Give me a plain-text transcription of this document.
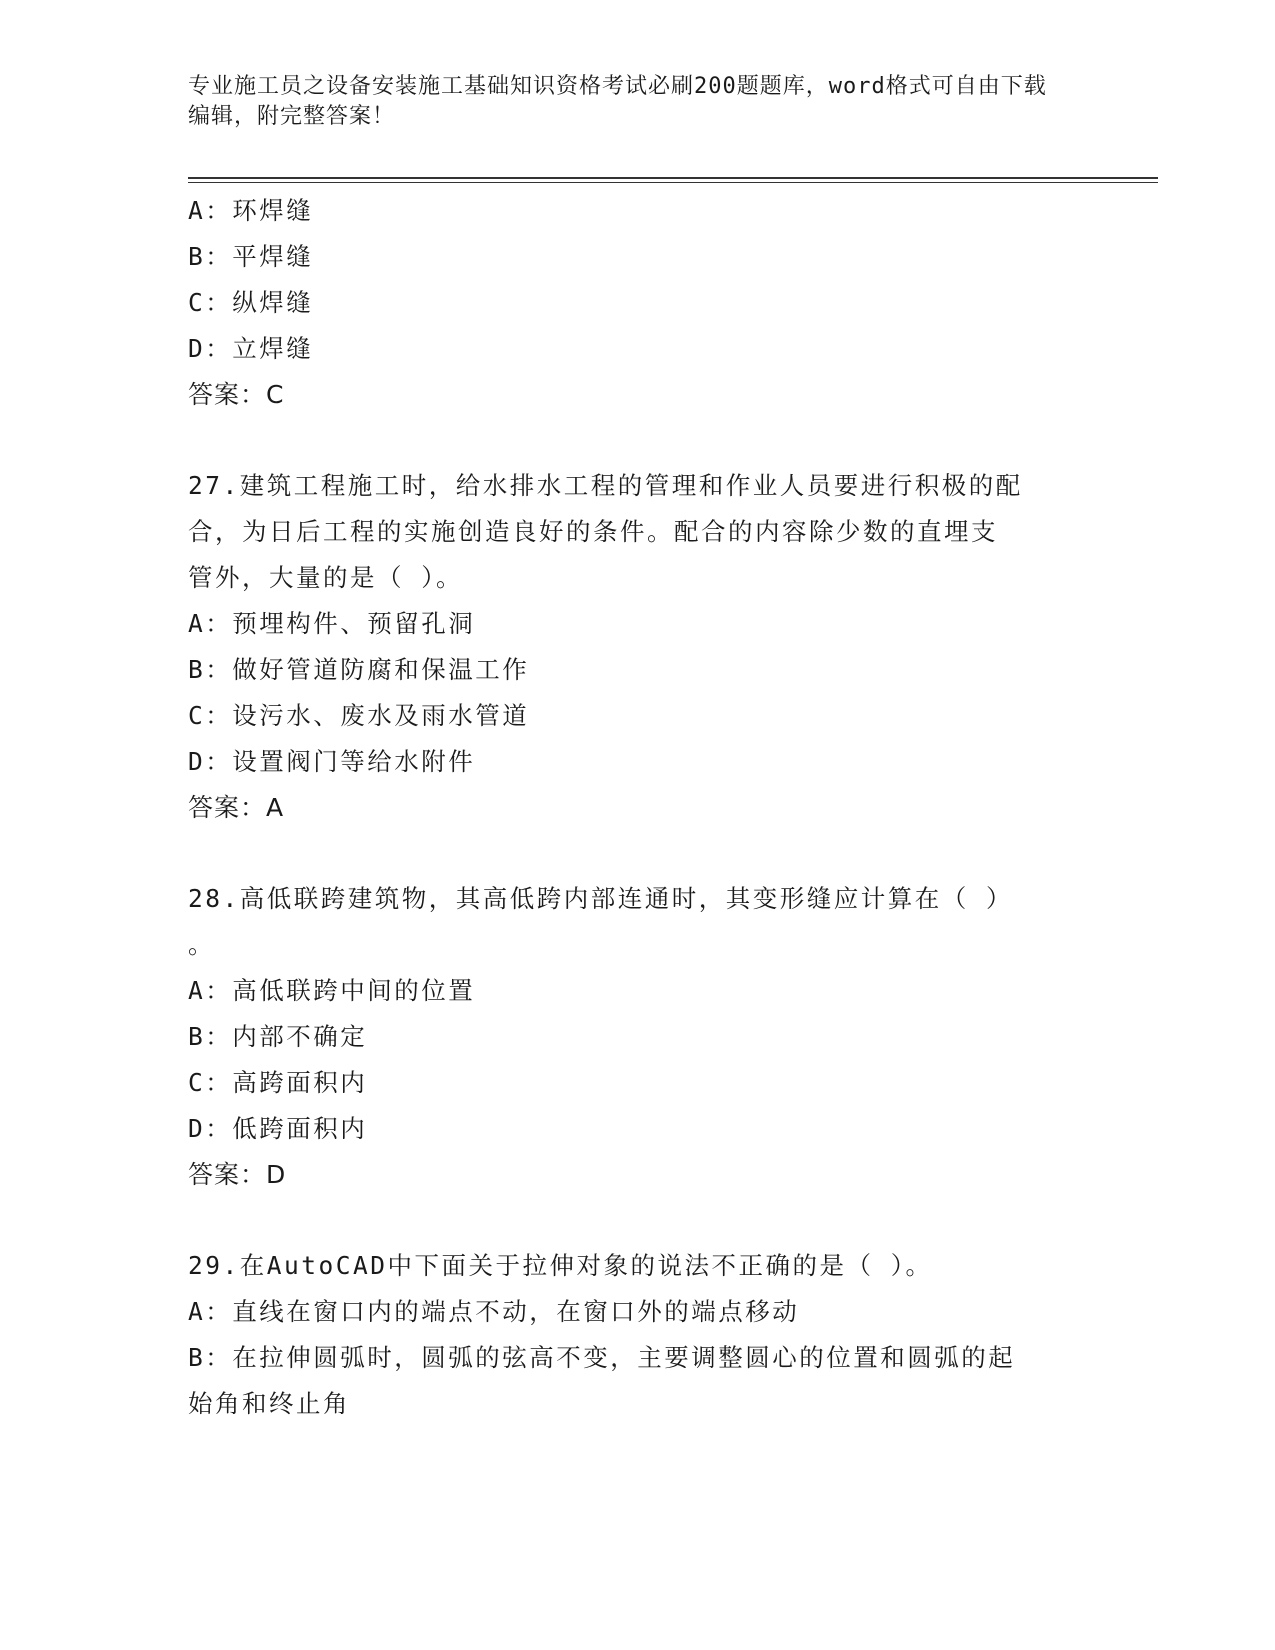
专业施工员之设备安装施工基础知识资格考试必刷200题题库，word格式可自由下载编辑，附完整答案！

A：环焊缝

B：平焊缝

C：纵焊缝

D：立焊缝

答案：C

27.建筑工程施工时，给水排水工程的管理和作业人员要进行积极的配

合，为日后工程的实施创造良好的条件。配合的内容除少数的直埋支

管外，大量的是（ ）。

A：预埋构件、预留孔洞

B：做好管道防腐和保温工作

C：设污水、废水及雨水管道

D：设置阀门等给水附件

答案：A

28.高低联跨建筑物，其高低跨内部连通时，其变形缝应计算在（ ）

。

A：高低联跨中间的位置

B：内部不确定

C：高跨面积内

D：低跨面积内

答案：D

29.在AutoCAD中下面关于拉伸对象的说法不正确的是（ ）。

A：直线在窗口内的端点不动，在窗口外的端点移动

B：在拉伸圆弧时，圆弧的弦高不变，主要调整圆心的位置和圆弧的起

始角和终止角
